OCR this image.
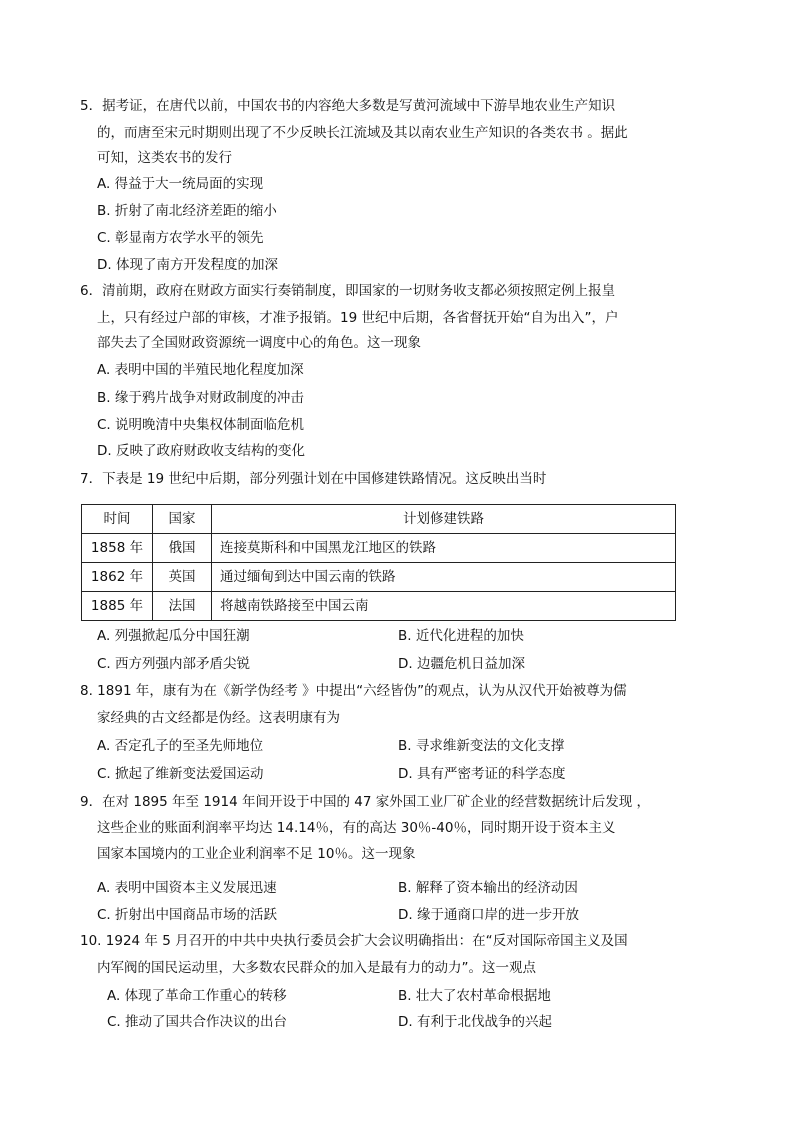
5．据考证，在唐代以前，中国农书的内容绝大多数是写黄河流域中下游旱地农业生产知识
的，而唐至宋元时期则出现了不少反映长江流域及其以南农业生产知识的各类农书 。据此
可知，这类农书的发行
A. 得益于大一统局面的实现
B. 折射了南北经济差距的缩小
C. 彰显南方农学水平的领先
D. 体现了南方开发程度的加深
6．清前期，政府在财政方面实行奏销制度，即国家的一切财务收支都必须按照定例上报皇
上，只有经过户部的审核，才准予报销。19 世纪中后期，各省督抚开始“自为出入”，户
部失去了全国财政资源统一调度中心的角色。这一现象
A. 表明中国的半殖民地化程度加深
B. 缘于鸦片战争对财政制度的冲击
C. 说明晚清中央集权体制面临危机
D. 反映了政府财政收支结构的变化
7．下表是 19 世纪中后期，部分列强计划在中国修建铁路情况。这反映出当时
时间	国家	计划修建铁路
1858 年	俄国	连接莫斯科和中国黑龙江地区的铁路
1862 年	英国	通过缅甸到达中国云南的铁路
1885 年	法国	将越南铁路接至中国云南
A. 列强掀起瓜分中国狂潮	B. 近代化进程的加快
C. 西方列强内部矛盾尖锐	D. 边疆危机日益加深
8. 1891 年，康有为在《新学伪经考 》中提出“六经皆伪”的观点，认为从汉代开始被尊为儒
家经典的古文经都是伪经。这表明康有为
A. 否定孔子的至圣先师地位	B. 寻求维新变法的文化支撑
C. 掀起了维新变法爱国运动	D. 具有严密考证的科学态度
9．在对 1895 年至 1914 年间开设于中国的 47 家外国工业厂矿企业的经营数据统计后发现 ，
这些企业的账面利润率平均达 14.14％，有的高达 30％-40％，同时期开设于资本主义
国家本国境内的工业企业利润率不足 10％。这一现象
A. 表明中国资本主义发展迅速	B. 解释了资本输出的经济动因
C. 折射出中国商品市场的活跃	D. 缘于通商口岸的进一步开放
10. 1924 年 5 月召开的中共中央执行委员会扩大会议明确指出：在“反对国际帝国主义及国
内军阀的国民运动里，大多数农民群众的加入是最有力的动力”。这一观点
A. 体现了革命工作重心的转移	B. 壮大了农村革命根据地
C. 推动了国共合作决议的出台	D. 有利于北伐战争的兴起
